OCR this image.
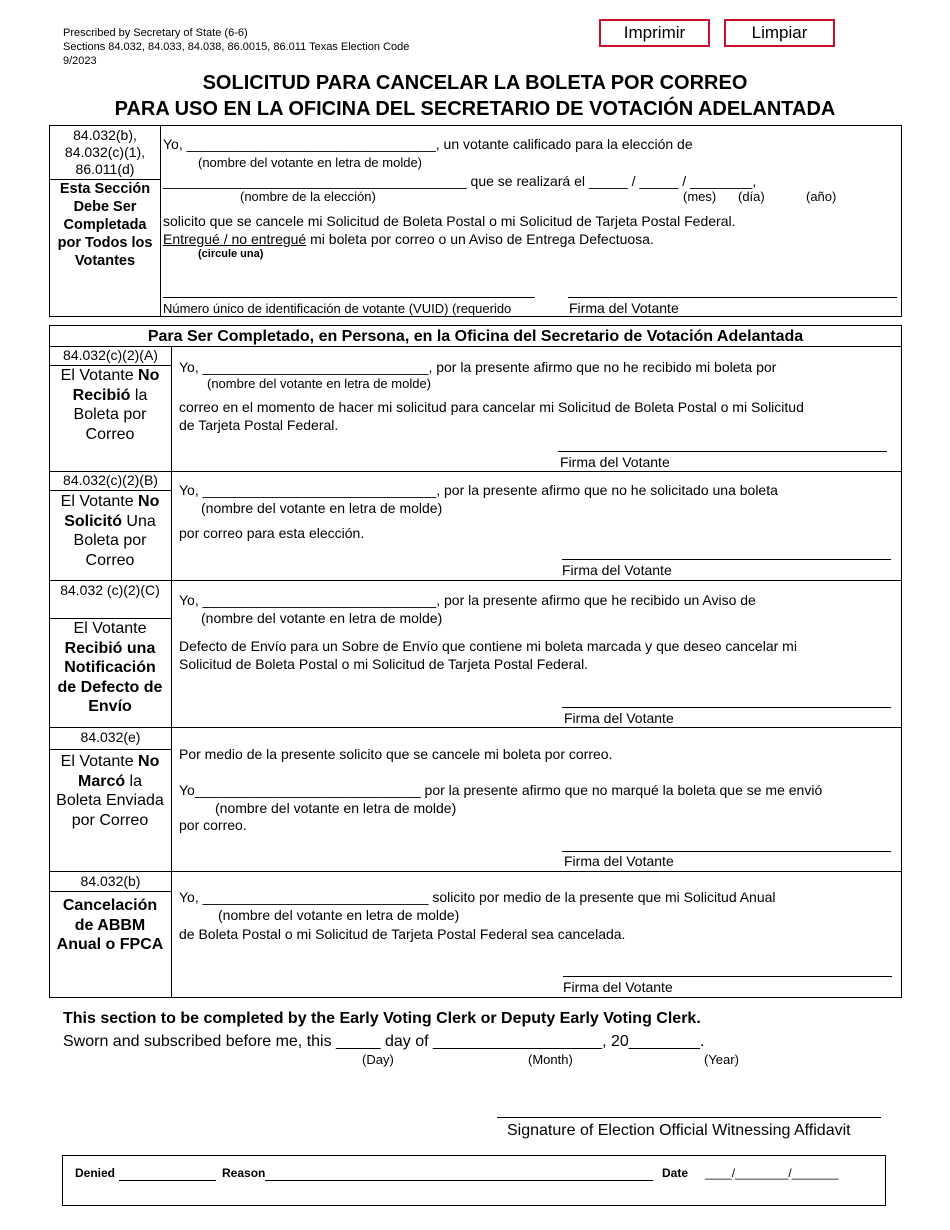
Prescribed by Secretary of State (6-6)
Sections 84.032, 84.033, 84.038, 86.0015, 86.011 Texas Election Code
9/2023
Imprimir	Limpiar
SOLICITUD PARA CANCELAR LA BOLETA POR CORREO
PARA USO EN LA OFICINA DEL SECRETARIO DE VOTACIÓN ADELANTADA
84.032(b),
84.032(c)(1),
86.011(d)
Esta Sección Debe Ser Completada por Todos los Votantes
Yo, ________________________________, un votante calificado para la elección de
(nombre del votante en letra de molde)
_______________________________________ que se realizará el _____ / _____ / ________,
(nombre de la elección)	(mes) (día)	(año)
solicito que se cancele mi Solicitud de Boleta Postal o mi Solicitud de Tarjeta Postal Federal.
Entregué / no entregué mi boleta por correo o un Aviso de Entrega Defectuosa.
(circule una)
Número único de identificación de votante (VUID) (requerido	Firma del Votante
Para Ser Completado, en Persona, en la Oficina del Secretario de Votación Adelantada
84.032(c)(2)(A)
El Votante No Recibió la Boleta por Correo
Yo, _____________________________, por la presente afirmo que no he recibido mi boleta por
(nombre del votante en letra de molde)
correo en el momento de hacer mi solicitud para cancelar mi Solicitud de Boleta Postal o mi Solicitud
de Tarjeta Postal Federal.
Firma del Votante
84.032(c)(2)(B)
El Votante No Solicitó Una Boleta por Correo
Yo, ______________________________, por la presente afirmo que no he solicitado una boleta
(nombre del votante en letra de molde)
por correo para esta elección.
Firma del Votante
84.032 (c)(2)(C)
El Votante Recibió una Notificación de Defecto de Envío
Yo, ______________________________, por la presente afirmo que he recibido un Aviso de
(nombre del votante en letra de molde)
Defecto de Envío para un Sobre de Envío que contiene mi boleta marcada y que deseo cancelar mi
Solicitud de Boleta Postal o mi Solicitud de Tarjeta Postal Federal.
Firma del Votante
84.032(e)
El Votante No Marcó la Boleta Enviada por Correo
Por medio de la presente solicito que se cancele mi boleta por correo.
Yo_____________________________ por la presente afirmo que no marqué la boleta que se me envió
(nombre del votante en letra de molde)
por correo.
Firma del Votante
84.032(b)
Cancelación de ABBM Anual o FPCA
Yo, _____________________________ solicito por medio de la presente que mi Solicitud Anual
(nombre del votante en letra de molde)
de Boleta Postal o mi Solicitud de Tarjeta Postal Federal sea cancelada.
Firma del Votante
This section to be completed by the Early Voting Clerk or Deputy Early Voting Clerk.
Sworn and subscribed before me, this _____ day of ___________________, 20________.
(Day)	(Month)	(Year)
Signature of Election Official Witnessing Affidavit
Denied	Reason	Date ____/________/_______
